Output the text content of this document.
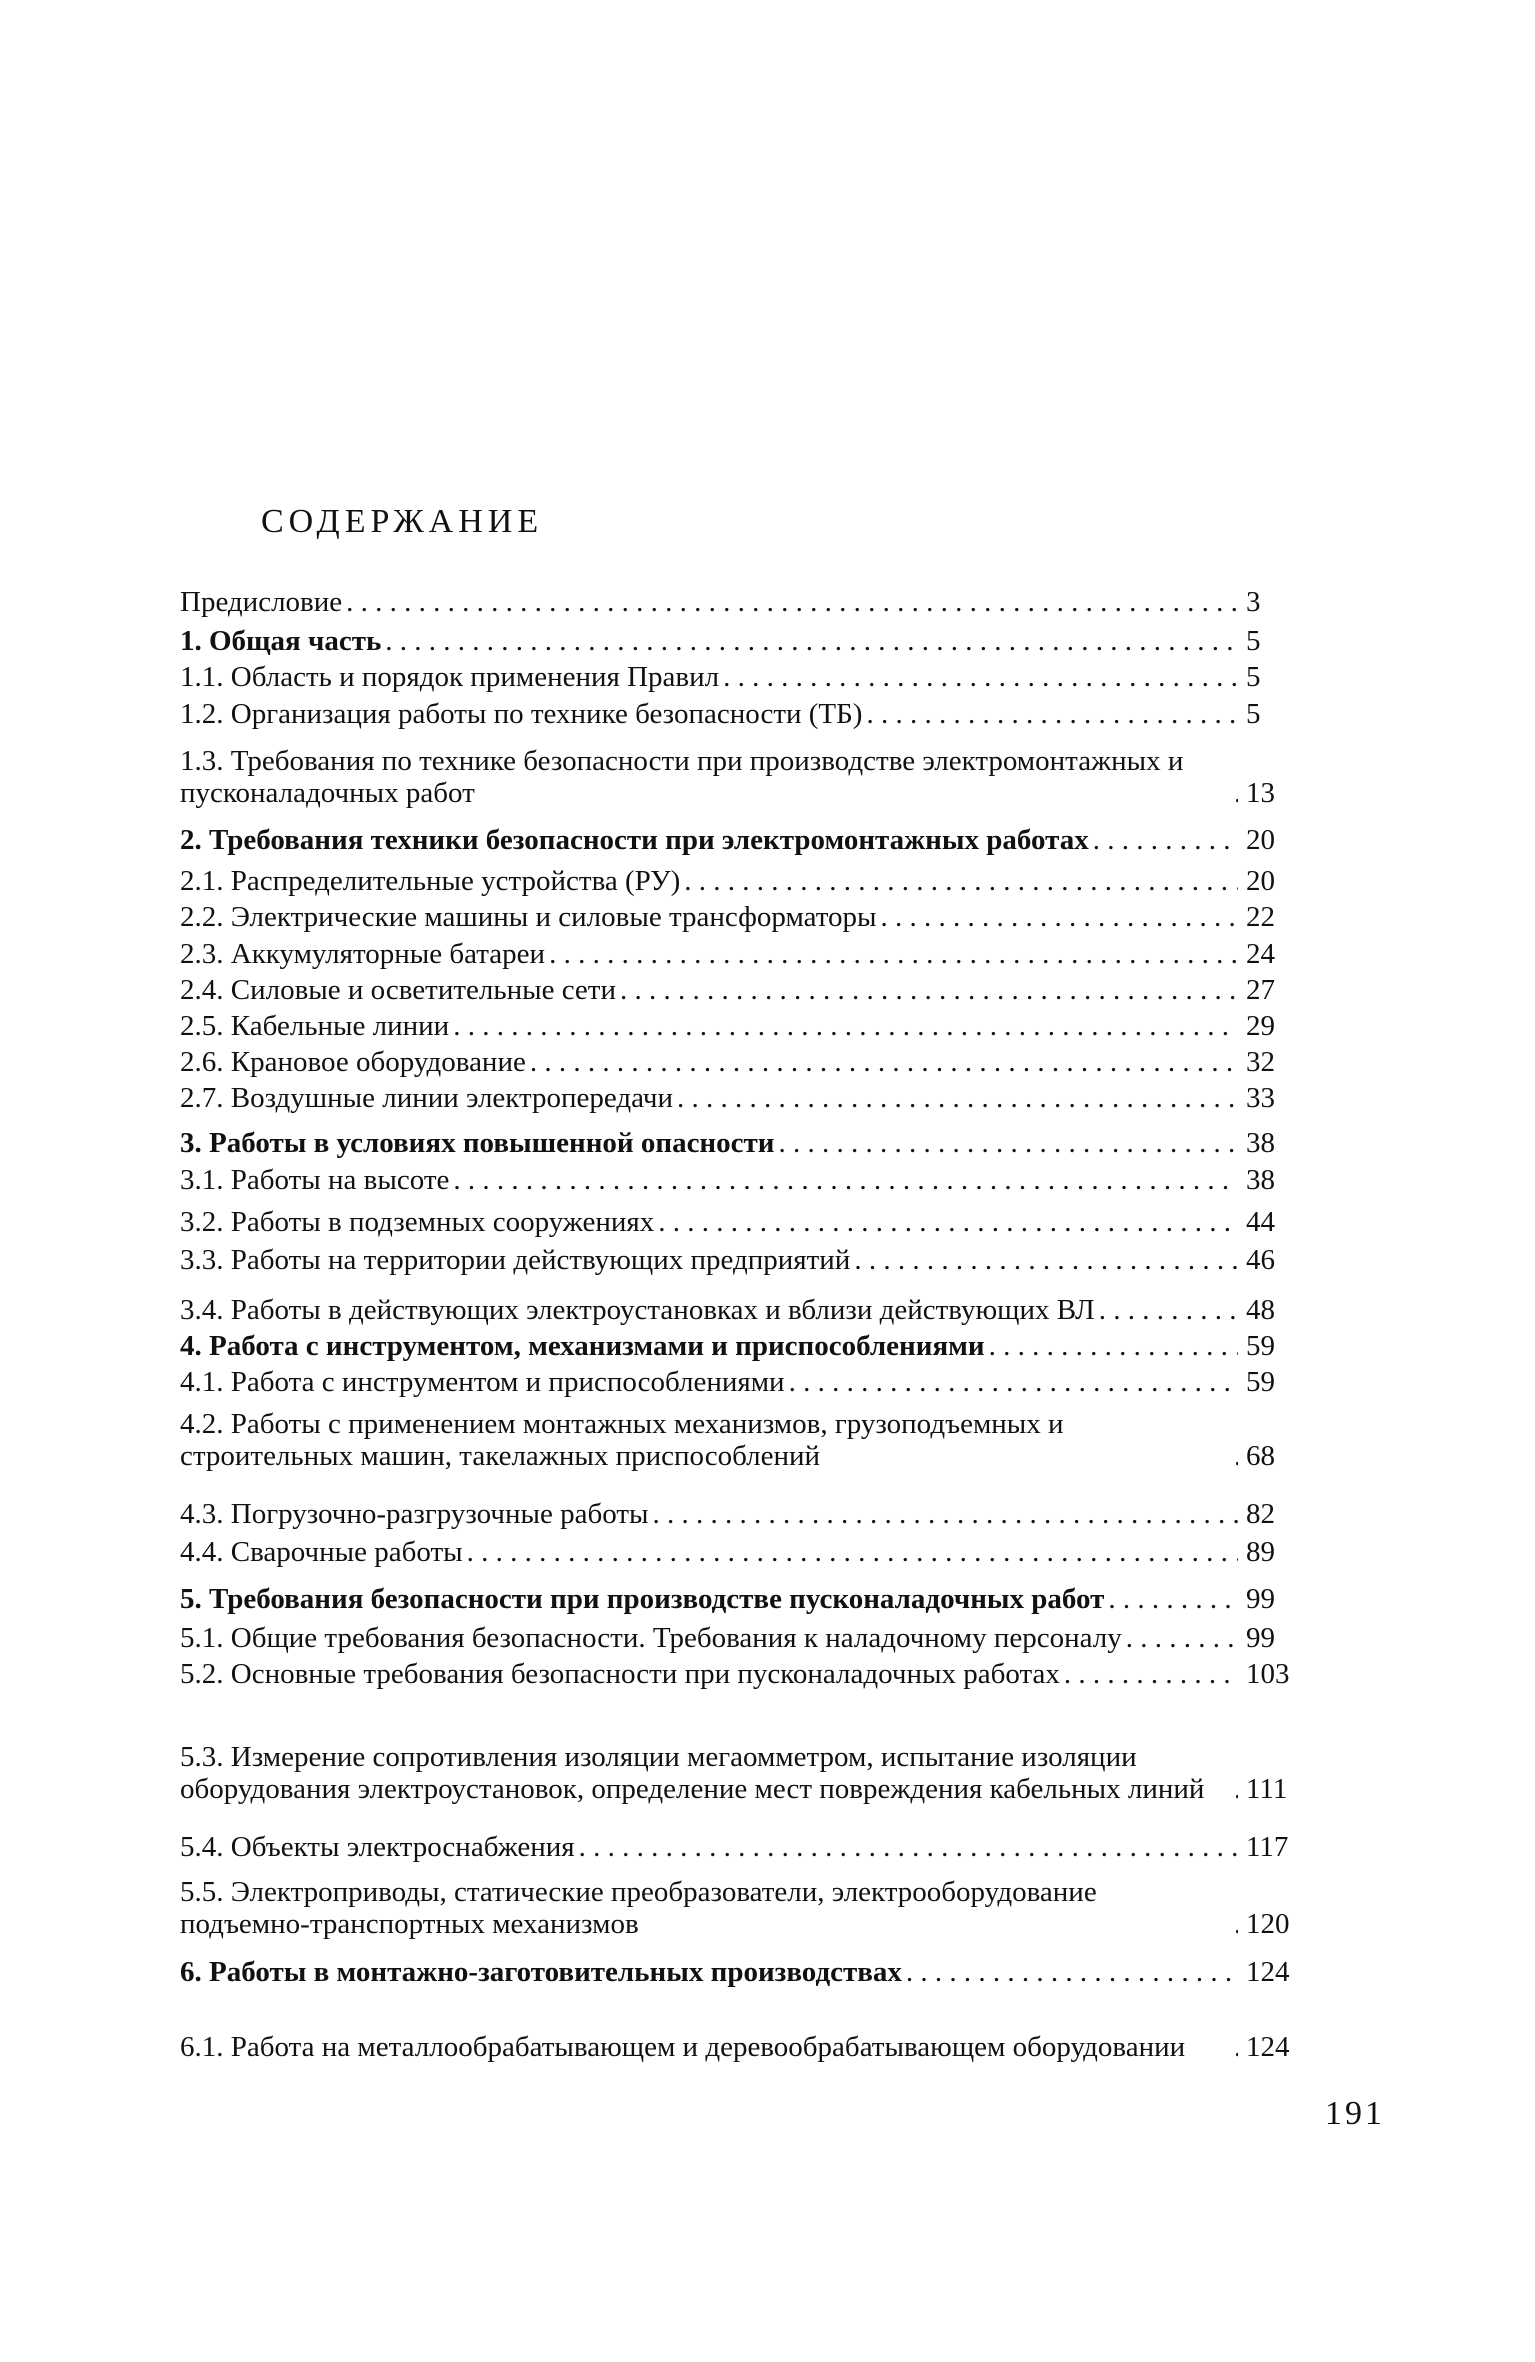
СОДЕРЖАНИЕ
Предисловие . . .	3
1. Общая часть . . .	5
1.1. Область и порядок применения Правил . . .	5
1.2. Организация работы по технике безопасности (ТБ) . . .	5
1.3. Требования по технике безопасности при производстве электромонтажных и пусконаладочных работ . . .	13
2. Требования техники безопасности при электромонтажных работах . . .	20
2.1. Распределительные устройства (РУ) . . .	20
2.2. Электрические машины и силовые трансформаторы . . .	22
2.3. Аккумуляторные батареи . . .	24
2.4. Силовые и осветительные сети . . .	27
2.5. Кабельные линии . . .	29
2.6. Крановое оборудование . . .	32
2.7. Воздушные линии электропередачи . . .	33
3. Работы в условиях повышенной опасности . . .	38
3.1. Работы на высоте . . .	38
3.2. Работы в подземных сооружениях . . .	44
3.3. Работы на территории действующих предприятий . . .	46
3.4. Работы в действующих электроустановках и вблизи действующих ВЛ . . .	48
4. Работа с инструментом, механизмами и приспособлениями . . .	59
4.1. Работа с инструментом и приспособлениями . . .	59
4.2. Работы с применением монтажных механизмов, грузоподъемных и строительных машин, такелажных приспособлений . . .	68
4.3. Погрузочно-разгрузочные работы . . .	82
4.4. Сварочные работы . . .	89
5. Требования безопасности при производстве пусконаладочных работ . . .	99
5.1. Общие требования безопасности. Требования к наладочному персоналу . . .	99
5.2. Основные требования безопасности при пусконаладочных работах . . .	103
5.3. Измерение сопротивления изоляции мегаомметром, испытание изоляции оборудования электроустановок, определение мест повреждения кабельных линий . . .	111
5.4. Объекты электроснабжения . . .	117
5.5. Электроприводы, статические преобразователи, электрооборудование подъемно-транспортных механизмов . . .	120
6. Работы в монтажно-заготовительных производствах . . .	124
6.1. Работа на металлообрабатывающем и деревообрабатывающем оборудовании . . .	124
191
